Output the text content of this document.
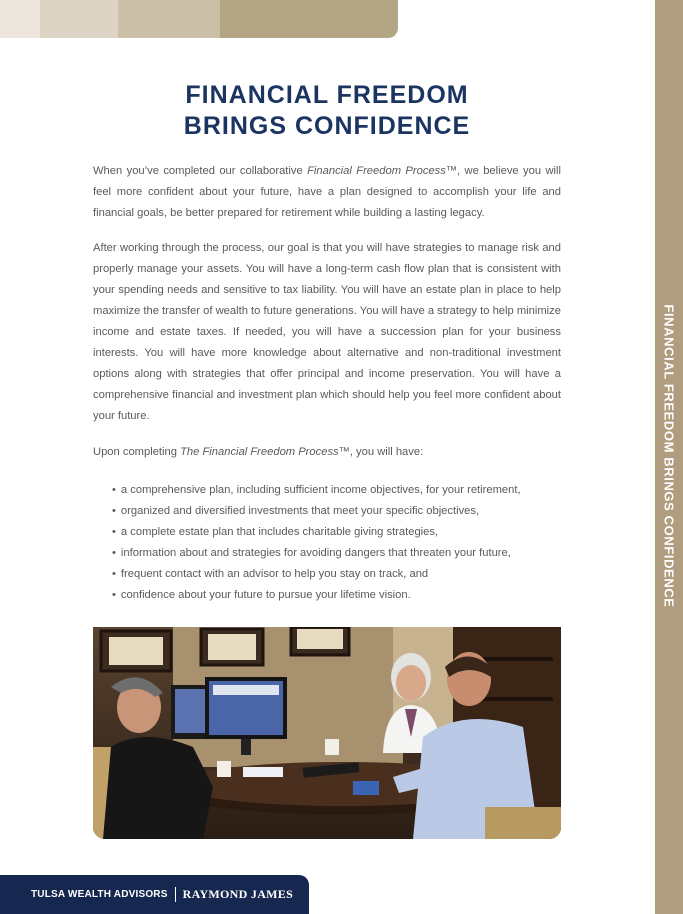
FINANCIAL FREEDOM BRINGS CONFIDENCE
FINANCIAL FREEDOM
BRINGS CONFIDENCE

When you’ve completed our collaborative Financial Freedom Process™, we believe you will feel more confident about your future, have a plan designed to accomplish your life and financial goals, be better prepared for retirement while building a lasting legacy.

After working through the process, our goal is that you will have strategies to manage risk and properly manage your assets. You will have a long-term cash flow plan that is consistent with your spending needs and sensitive to tax liability. You will have an estate plan in place to help maximize the transfer of wealth to future generations. You will have a strategy to help minimize income and estate taxes. If needed, you will have a succession plan for your business interests. You will have more knowledge about alternative and non-traditional investment options along with strategies that offer principal and income preservation. You will have a comprehensive financial and investment plan which should help you feel more confident about your future.

Upon completing The Financial Freedom Process™, you will have:

• a comprehensive plan, including sufficient income objectives, for your retirement,
• organized and diversified investments that meet your specific objectives,
• a complete estate plan that includes charitable giving strategies,
• information about and strategies for avoiding dangers that threaten your future,
• frequent contact with an advisor to help you stay on track, and
• confidence about your future to pursue your lifetime vision.
TULSA WEALTH ADVISORS RAYMOND JAMES
